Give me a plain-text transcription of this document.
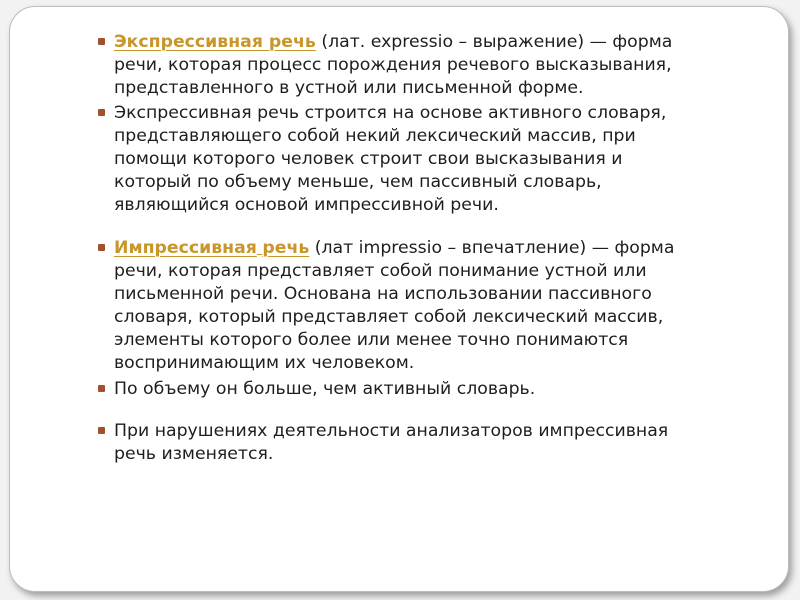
Экспрессивная речь (лат. expressio – выражение) — форма
речи, которая процесс порождения речевого высказывания,
представленного в устной или письменной форме.
Экспрессивная речь строится на основе активного словаря,
представляющего собой некий лексический массив, при
помощи которого человек строит свои высказывания и
который по объему меньше, чем пассивный словарь,
являющийся основой импрессивной речи.
Импрессивная речь (лат impressio – впечатление) — форма
речи, которая представляет собой понимание устной или
письменной речи. Основана на использовании пассивного
словаря, который представляет собой лексический массив,
элементы которого более или менее точно понимаются
воспринимающим их человеком.
По объему он больше, чем активный словарь.
При нарушениях деятельности анализаторов импрессивная
речь изменяется.
